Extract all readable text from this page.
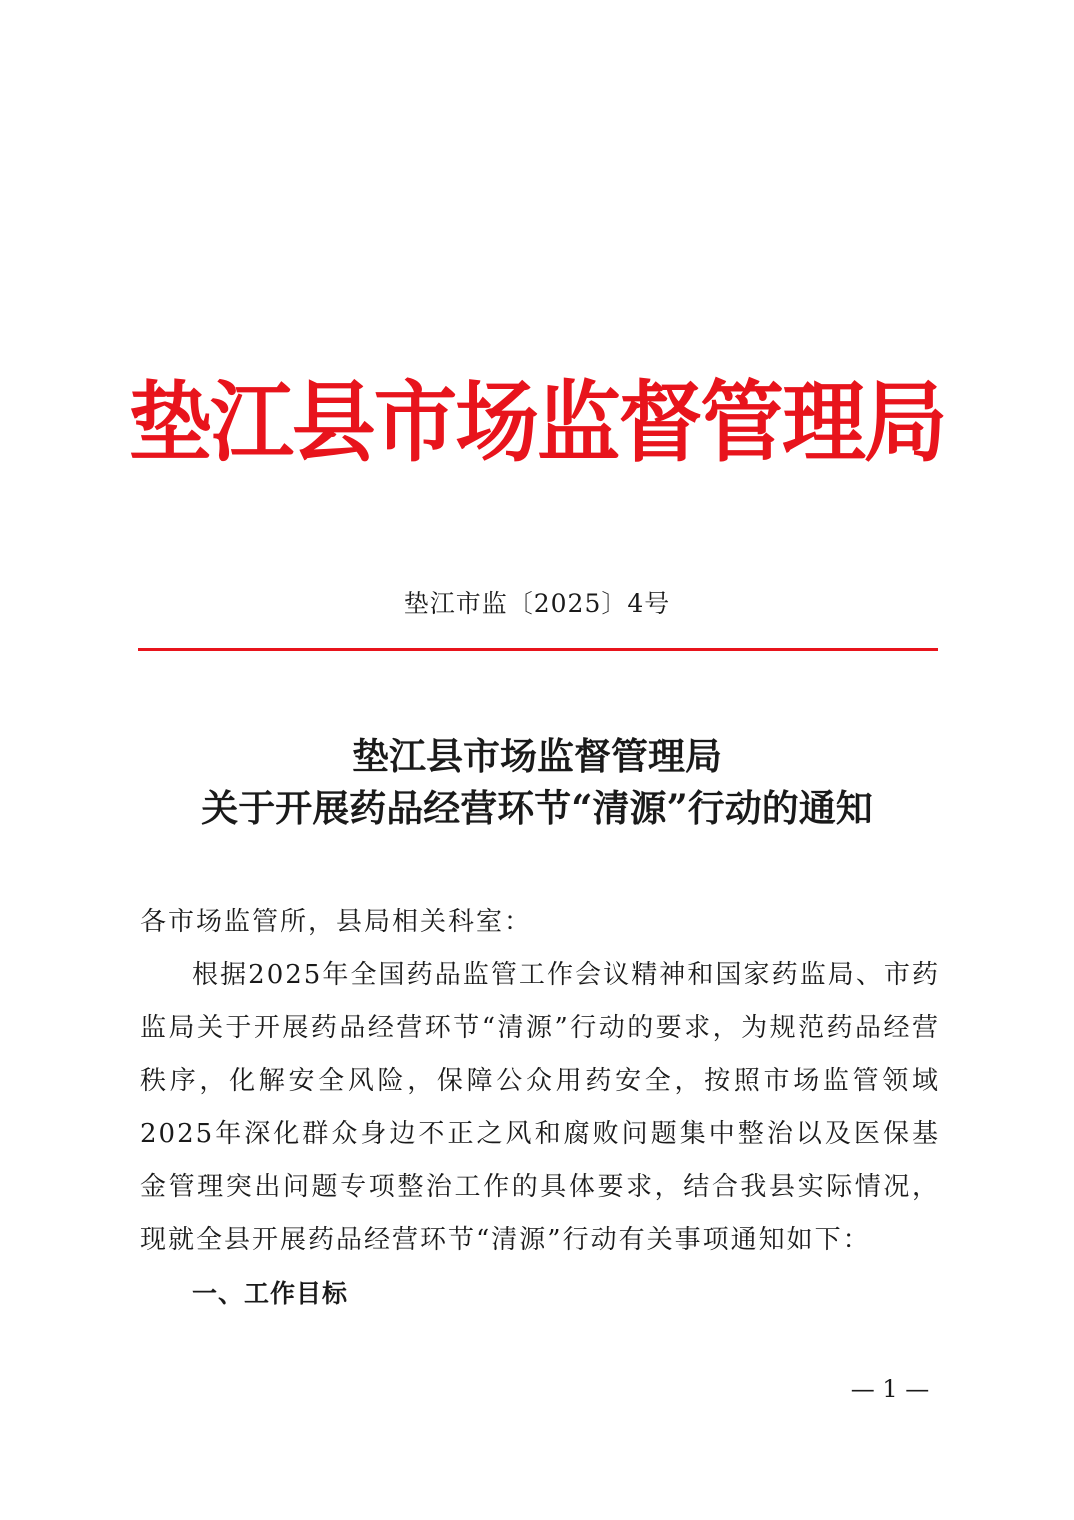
垫江县市场监督管理局
垫江市监〔2025〕4号
垫江县市场监督管理局
关于开展药品经营环节“清源”行动的通知

各市场监管所，县局相关科室：

根据2025年全国药品监管工作会议精神和国家药监局、市药监局关于开展药品经营环节“清源”行动的要求，为规范药品经营秩序，化解安全风险，保障公众用药安全，按照市场监管领域2025年深化群众身边不正之风和腐败问题集中整治以及医保基金管理突出问题专项整治工作的具体要求，结合我县实际情况，现就全县开展药品经营环节“清源”行动有关事项通知如下：

一、工作目标

— 1 —
